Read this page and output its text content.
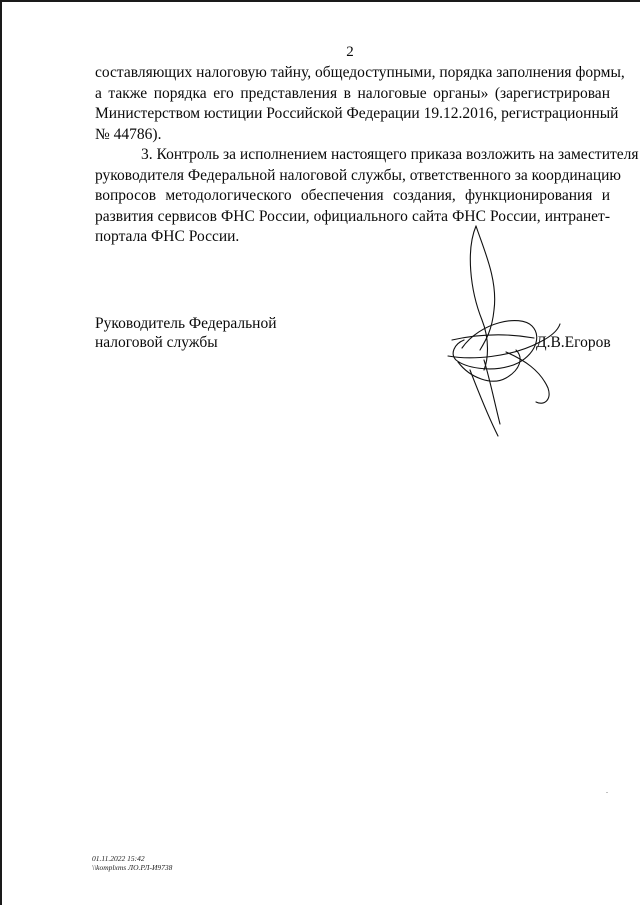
2

составляющих налоговую тайну, общедоступными, порядка заполнения формы,
а также порядка его представления в налоговые органы» (зарегистрирован
Министерством юстиции Российской Федерации 19.12.2016, регистрационный
№ 44786).

3. Контроль за исполнением настоящего приказа возложить на заместителя
руководителя Федеральной налоговой службы, ответственного за координацию
вопросов методологического обеспечения создания, функционирования и
развития сервисов ФНС России, официального сайта ФНС России, интранет-
портала ФНС России.

Руководитель Федеральной
налоговой службы	Д.В.Егоров
-
01.11.2022 15:42
\\komplxms ЛО.РЛ-И9738
